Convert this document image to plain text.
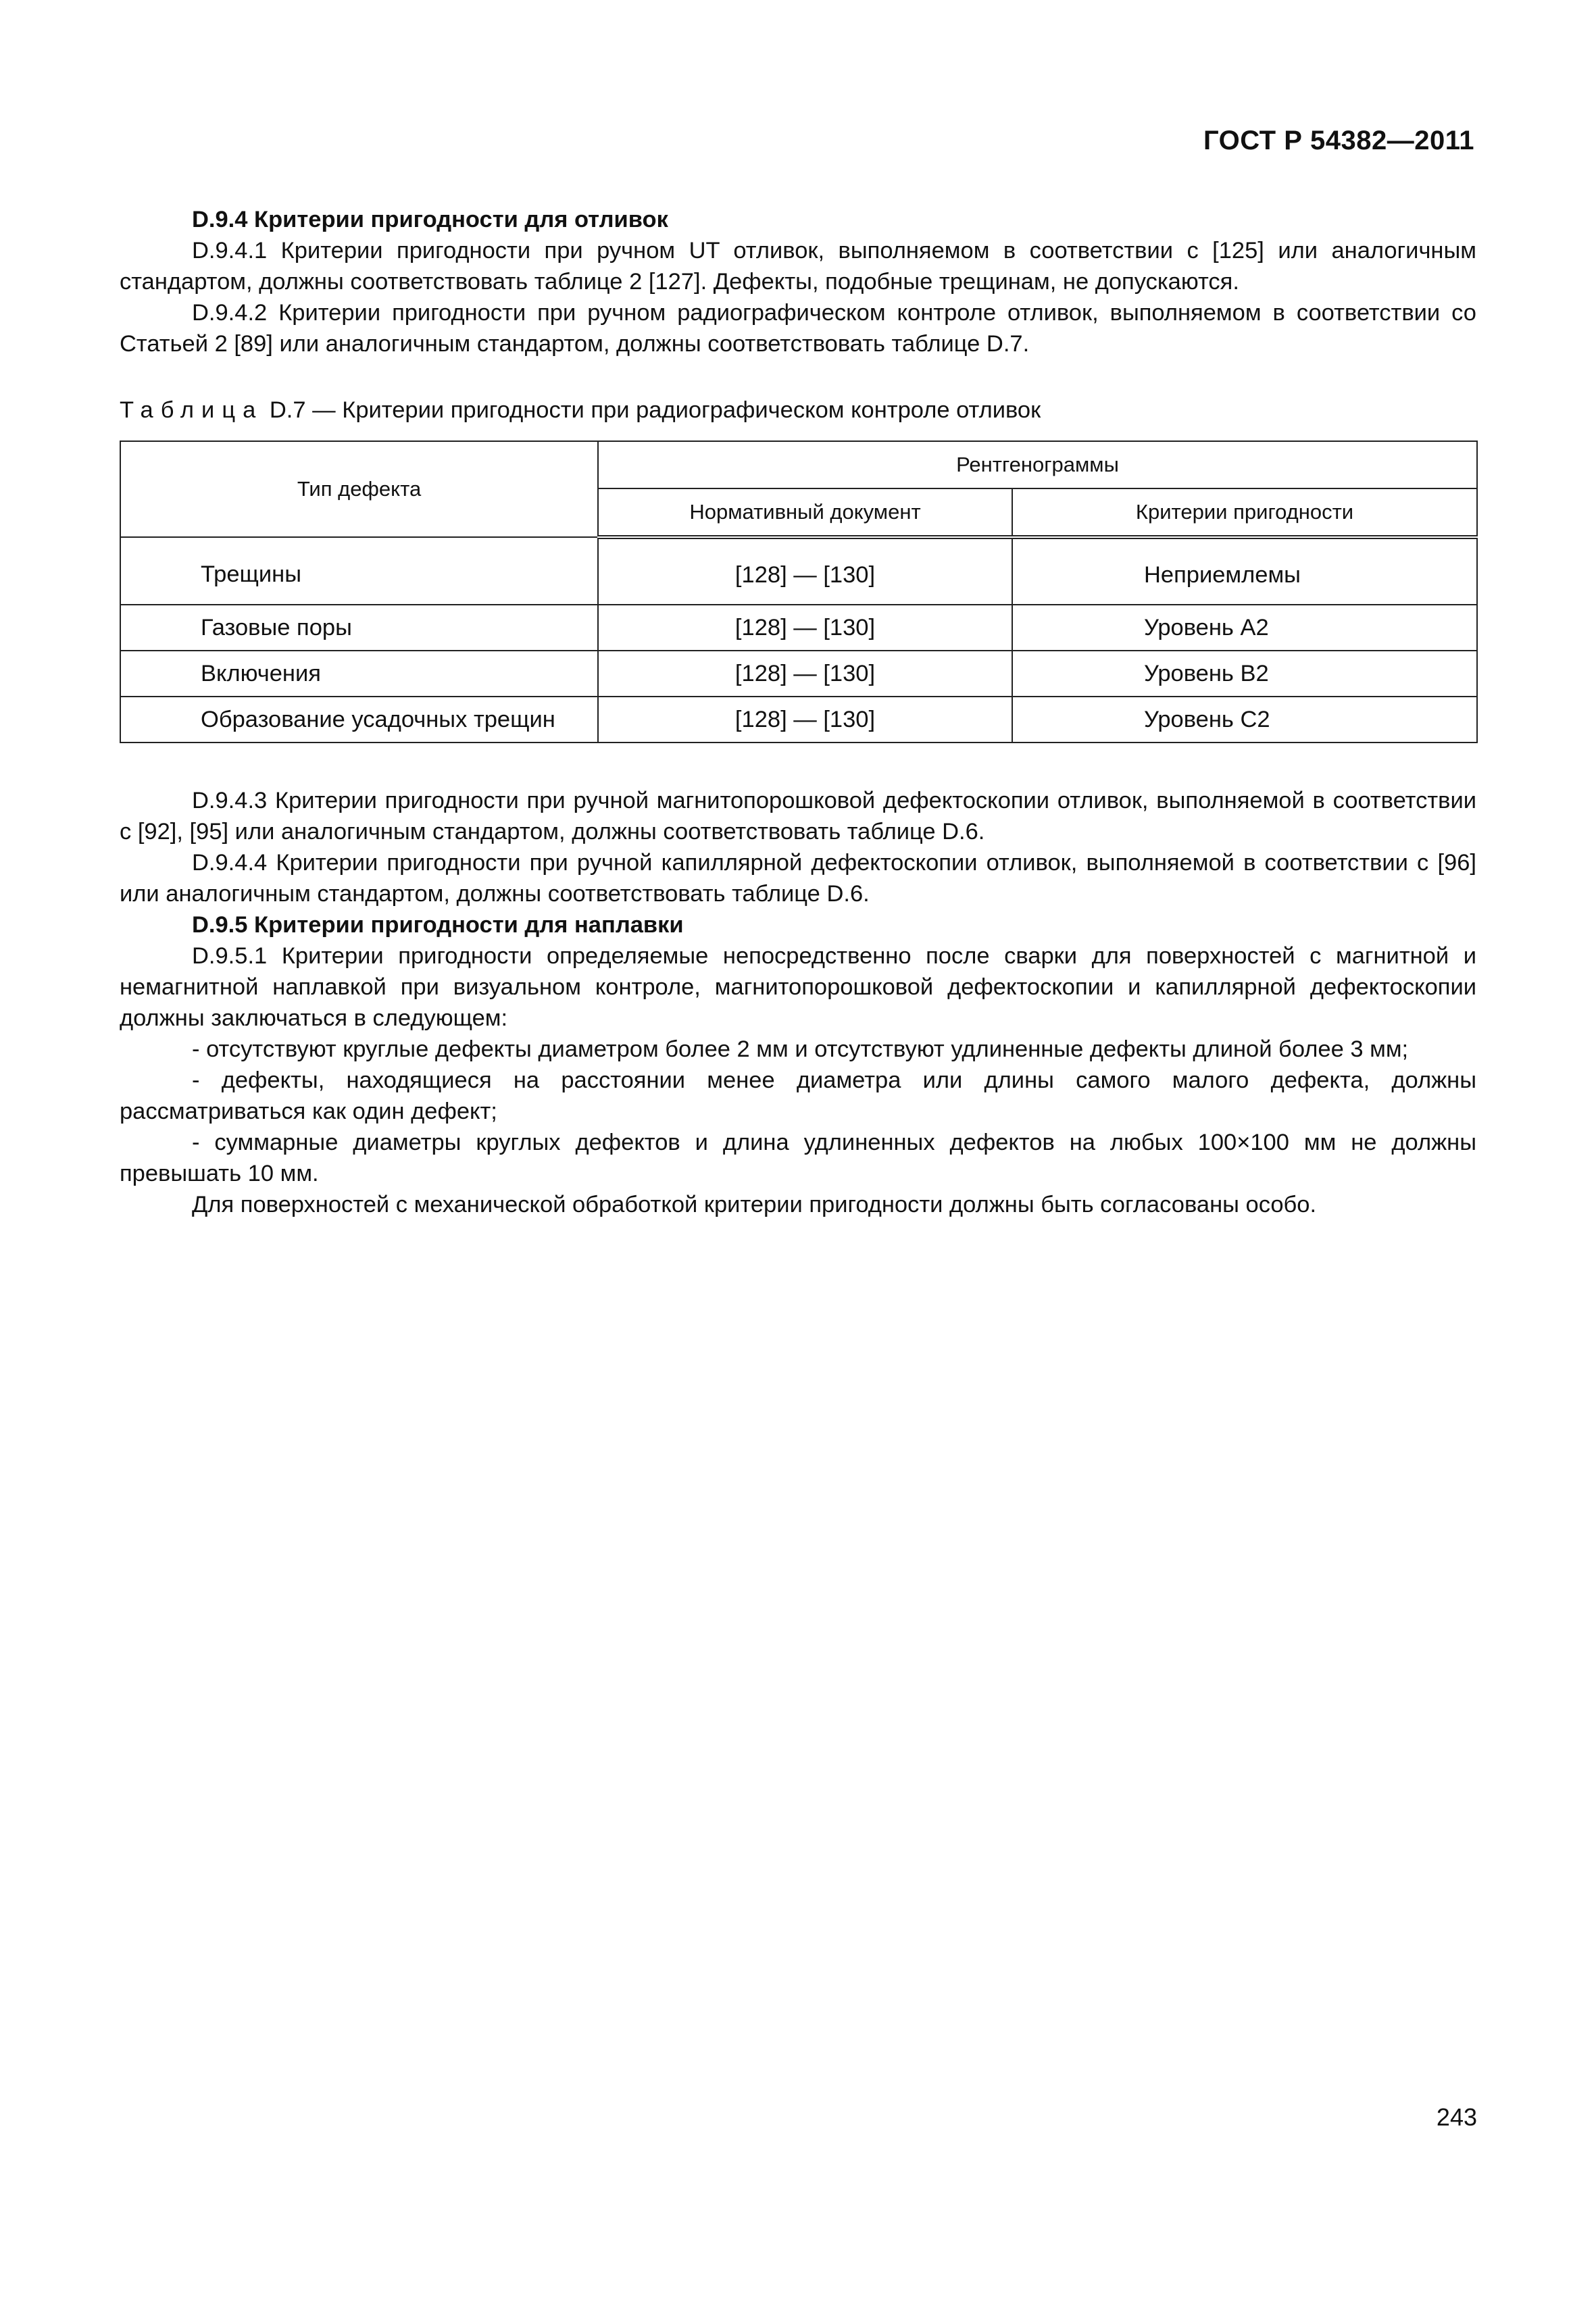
ГОСТ Р 54382—2011

D.9.4 Критерии пригодности для отливок

D.9.4.1 Критерии пригодности при ручном UT отливок, выполняемом в соответствии с [125] или аналогичным стандартом, должны соответствовать таблице 2 [127]. Дефекты, подобные трещинам, не допускаются.

D.9.4.2 Критерии пригодности при ручном радиографическом контроле отливок, выполняемом в соответствии со Статьей 2 [89] или аналогичным стандартом, должны соответствовать таблице D.7.

Таблица D.7 — Критерии пригодности при радиографическом контроле отливок
Тип дефекта	Рентгенограммы	
	Нормативный документ	Критерии пригодности
Трещины	[128] — [130]	Неприемлемы
Газовые поры	[128] — [130]	Уровень A2
Включения	[128] — [130]	Уровень B2
Образование усадочных трещин	[128] — [130]	Уровень C2

D.9.4.3 Критерии пригодности при ручной магнитопорошковой дефектоскопии отливок, выполняемой в соответствии с [92], [95] или аналогичным стандартом, должны соответствовать таблице D.6.

D.9.4.4 Критерии пригодности при ручной капиллярной дефектоскопии отливок, выполняемой в соответствии с [96] или аналогичным стандартом, должны соответствовать таблице D.6.

D.9.5 Критерии пригодности для наплавки

D.9.5.1 Критерии пригодности определяемые непосредственно после сварки для поверхностей с магнитной и немагнитной наплавкой при визуальном контроле, магнитопорошковой дефектоскопии и капиллярной дефектоскопии должны заключаться в следующем:

- отсутствуют круглые дефекты диаметром более 2 мм и отсутствуют удлиненные дефекты длиной более 3 мм;

- дефекты, находящиеся на расстоянии менее диаметра или длины самого малого дефекта, должны рассматриваться как один дефект;

- суммарные диаметры круглых дефектов и длина удлиненных дефектов на любых 100×100 мм не должны превышать 10 мм.

Для поверхностей с механической обработкой критерии пригодности должны быть согласованы особо.

243
